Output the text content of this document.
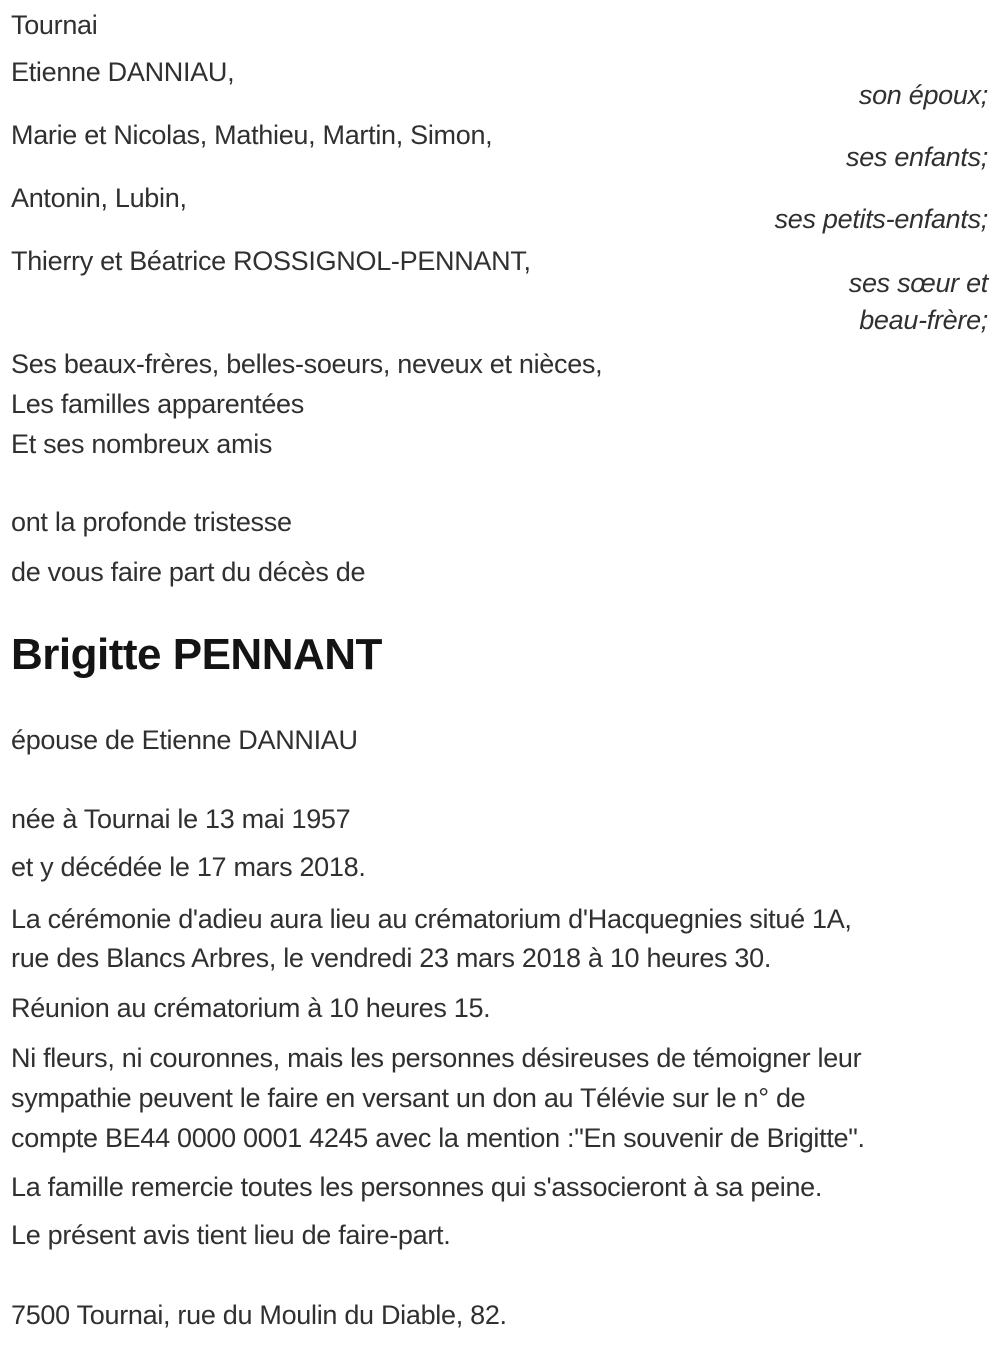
Tournai
Etienne DANNIAU,
son époux;
Marie et Nicolas, Mathieu, Martin, Simon,
ses enfants;
Antonin, Lubin,
ses petits-enfants;
Thierry et Béatrice ROSSIGNOL-PENNANT,
ses sœur et
beau-frère;
Ses beaux-frères, belles-soeurs, neveux et nièces,
Les familles apparentées
Et ses nombreux amis
ont la profonde tristesse
de vous faire part du décès de
Brigitte PENNANT
épouse de Etienne DANNIAU
née à Tournai le 13 mai 1957
et y décédée le 17 mars 2018.
La cérémonie d'adieu aura lieu au crématorium d'Hacquegnies situé 1A,
rue des Blancs Arbres, le vendredi 23 mars 2018 à 10 heures 30.
Réunion au crématorium à 10 heures 15.
Ni fleurs, ni couronnes, mais les personnes désireuses de témoigner leur
sympathie peuvent le faire en versant un don au Télévie sur le n° de
compte BE44 0000 0001 4245 avec la mention :"En souvenir de Brigitte".
La famille remercie toutes les personnes qui s'associeront à sa peine.
Le présent avis tient lieu de faire-part.
7500 Tournai, rue du Moulin du Diable, 82.
